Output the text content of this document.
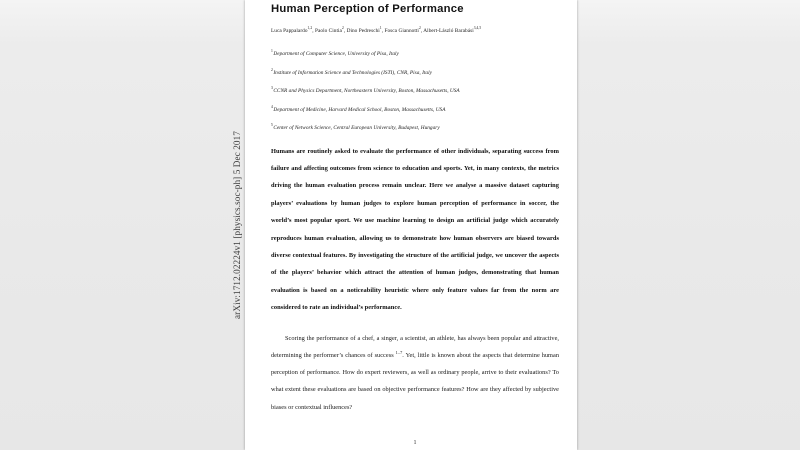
arXiv:1712.02224v1 [physics.soc-ph] 5 Dec 2017
Human Perception of Performance
Luca Pappalardo$^{1,2}$, Paolo Cintia$^2$, Dino Pedreschi$^1$, Fosca Giannotti$^2$, Albert-László Barabási$^{3,4,5}$
$^1$Department of Computer Science, University of Pisa, Italy
$^2$Institute of Information Science and Technologies (ISTI), CNR, Pisa, Italy
$^3$CCNR and Physics Department, Northeastern University, Boston, Massachusetts, USA
$^4$Department of Medicine, Harvard Medical School, Boston, Massachusetts, USA
$^5$Center of Network Science, Central European University, Budapest, Hungary
Humans are routinely asked to evaluate the performance of other individuals, separating success from failure and affecting outcomes from science to education and sports. Yet, in many contexts, the metrics driving the human evaluation process remain unclear. Here we analyse a massive dataset capturing players’ evaluations by human judges to explore human perception of performance in soccer, the world’s most popular sport. We use machine learning to design an artificial judge which accurately reproduces human evaluation, allowing us to demonstrate how human observers are biased towards diverse contextual features. By investigating the structure of the artificial judge, we uncover the aspects of the players’ behavior which attract the attention of human judges, demonstrating that human evaluation is based on a noticeability heuristic where only feature values far from the norm are considered to rate an individual’s performance.
Scoring the performance of a chef, a singer, a scientist, an athlete, has always been popular and attractive, determining the performer’s chances of success $^{1-7}$. Yet, little is known about the aspects that determine human perception of performance. How do expert reviewers, as well as ordinary people, arrive to their evaluations? To what extent these evaluations are based on objective performance features? How are they affected by subjective biases or contextual influences?
1
